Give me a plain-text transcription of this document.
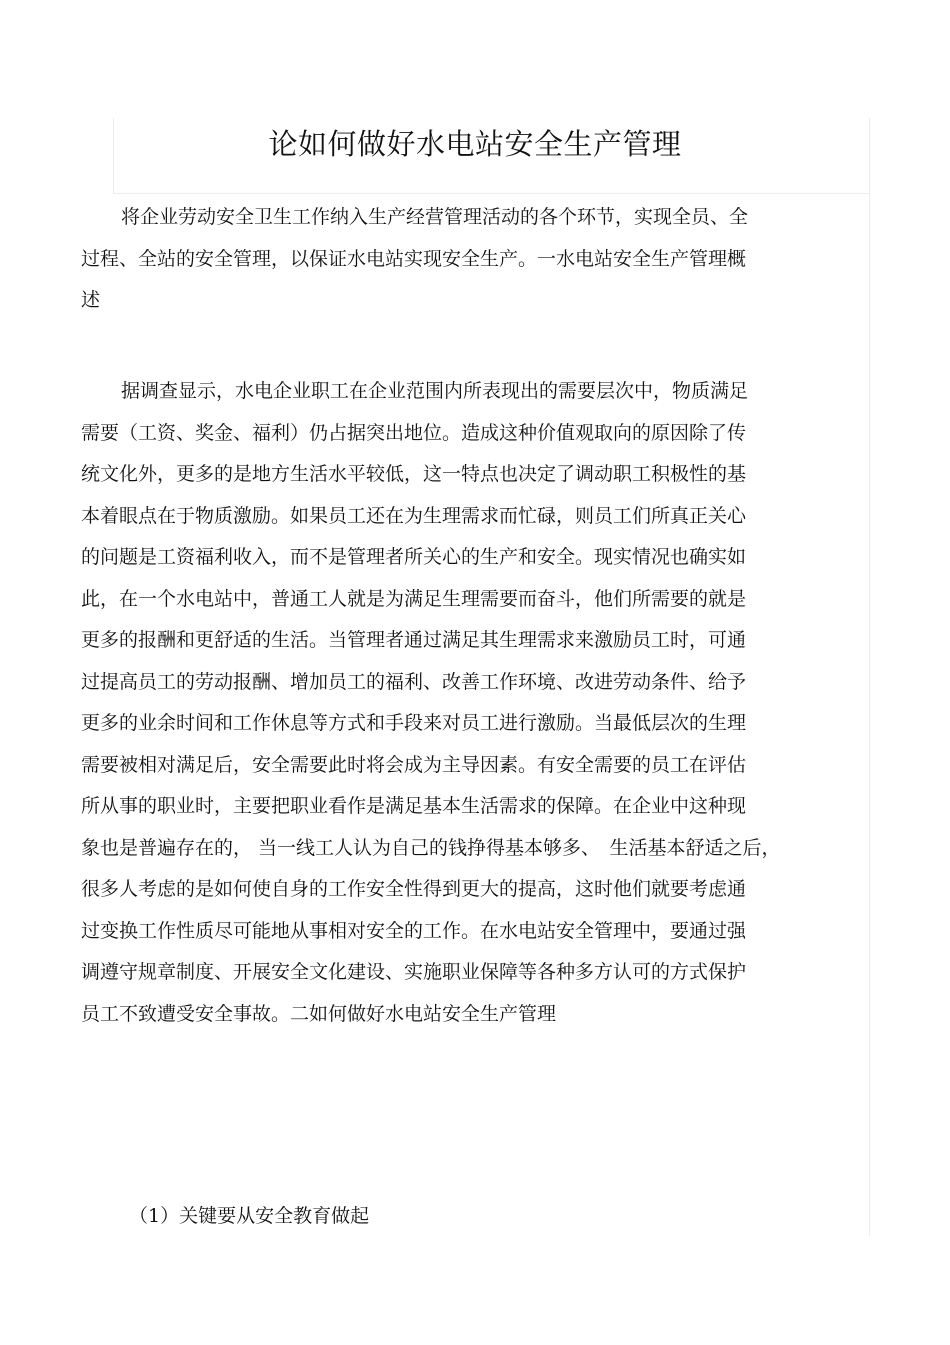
论如何做好水电站安全生产管理
将企业劳动安全卫生工作纳入生产经营管理活动的各个环节，实现全员、全
过程、全站的安全管理，以保证水电站实现安全生产。一水电站安全生产管理概
述
据调查显示，水电企业职工在企业范围内所表现出的需要层次中，物质满足
需要（工资、奖金、福利）仍占据突出地位。造成这种价值观取向的原因除了传
统文化外，更多的是地方生活水平较低，这一特点也决定了调动职工积极性的基
本着眼点在于物质激励。如果员工还在为生理需求而忙碌，则员工们所真正关心
的问题是工资福利收入，而不是管理者所关心的生产和安全。现实情况也确实如
此，在一个水电站中，普通工人就是为满足生理需要而奋斗，他们所需要的就是
更多的报酬和更舒适的生活。当管理者通过满足其生理需求来激励员工时，可通
过提高员工的劳动报酬、增加员工的福利、改善工作环境、改进劳动条件、给予
更多的业余时间和工作休息等方式和手段来对员工进行激励。当最低层次的生理
需要被相对满足后，安全需要此时将会成为主导因素。有安全需要的员工在评估
所从事的职业时，主要把职业看作是满足基本生活需求的保障。在企业中这种现
象也是普遍存在的， 当一线工人认为自己的钱挣得基本够多、　生活基本舒适之后，
很多人考虑的是如何使自身的工作安全性得到更大的提高，这时他们就要考虑通
过变换工作性质尽可能地从事相对安全的工作。在水电站安全管理中，要通过强
调遵守规章制度、开展安全文化建设、实施职业保障等各种多方认可的方式保护
员工不致遭受安全事故。二如何做好水电站安全生产管理
（1）关键要从安全教育做起
